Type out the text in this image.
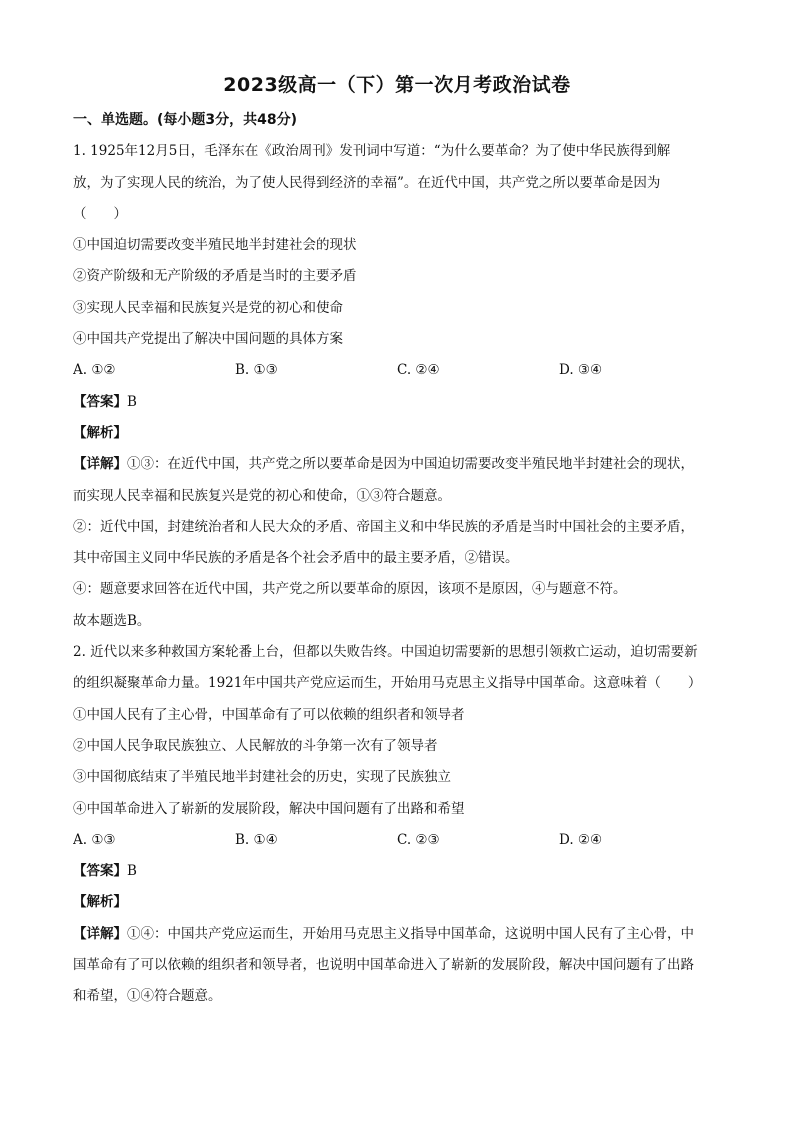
2023级高一（下）第一次月考政治试卷
一、单选题。(每小题3分，共48分)
1. 1925年12月5日，毛泽东在《政治周刊》发刊词中写道：“为什么要革命？为了使中华民族得到解
放，为了实现人民的统治，为了使人民得到经济的幸福”。在近代中国，共产党之所以要革命是因为
（　　）
①中国迫切需要改变半殖民地半封建社会的现状
②资产阶级和无产阶级的矛盾是当时的主要矛盾
③实现人民幸福和民族复兴是党的初心和使命
④中国共产党提出了解决中国问题的具体方案
A. ①②	B. ①③	C. ②④	D. ③④
【答案】B
【解析】
【详解】①③：在近代中国，共产党之所以要革命是因为中国迫切需要改变半殖民地半封建社会的现状，
而实现人民幸福和民族复兴是党的初心和使命，①③符合题意。
②：近代中国，封建统治者和人民大众的矛盾、帝国主义和中华民族的矛盾是当时中国社会的主要矛盾，
其中帝国主义同中华民族的矛盾是各个社会矛盾中的最主要矛盾，②错误。
④：题意要求回答在近代中国，共产党之所以要革命的原因，该项不是原因，④与题意不符。
故本题选B。
2. 近代以来多种救国方案轮番上台，但都以失败告终。中国迫切需要新的思想引领救亡运动，迫切需要新
的组织凝聚革命力量。1921年中国共产党应运而生，开始用马克思主义指导中国革命。这意味着（　　）
①中国人民有了主心骨，中国革命有了可以依赖的组织者和领导者
②中国人民争取民族独立、人民解放的斗争第一次有了领导者
③中国彻底结束了半殖民地半封建社会的历史，实现了民族独立
④中国革命进入了崭新的发展阶段，解决中国问题有了出路和希望
A. ①③	B. ①④	C. ②③	D. ②④
【答案】B
【解析】
【详解】①④：中国共产党应运而生，开始用马克思主义指导中国革命，这说明中国人民有了主心骨，中
国革命有了可以依赖的组织者和领导者，也说明中国革命进入了崭新的发展阶段，解决中国问题有了出路
和希望，①④符合题意。
